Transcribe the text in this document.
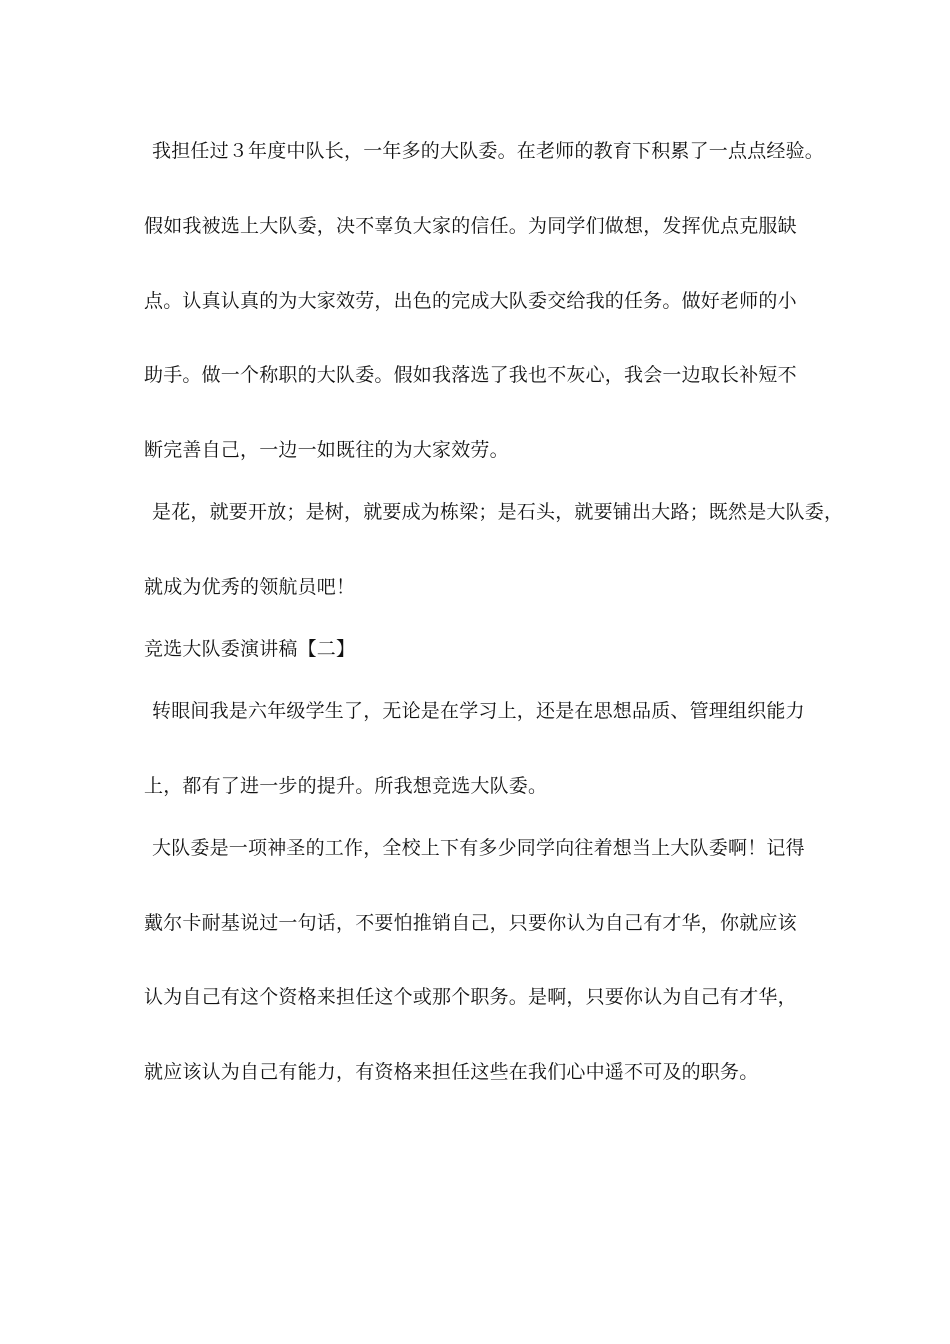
我担任过３年度中队长，一年多的大队委。在老师的教育下积累了一点点经验。
假如我被选上大队委，决不辜负大家的信任。为同学们做想，发挥优点克服缺
点。认真认真的为大家效劳，出色的完成大队委交给我的任务。做好老师的小
助手。做一个称职的大队委。假如我落选了我也不灰心，我会一边取长补短不
断完善自己，一边一如既往的为大家效劳。
是花，就要开放；是树，就要成为栋梁；是石头，就要铺出大路；既然是大队委，
就成为优秀的领航员吧！
竞选大队委演讲稿【二】
转眼间我是六年级学生了，无论是在学习上，还是在思想品质、管理组织能力
上，都有了进一步的提升。所我想竞选大队委。
大队委是一项神圣的工作，全校上下有多少同学向往着想当上大队委啊！记得
戴尔卡耐基说过一句话，不要怕推销自己，只要你认为自己有才华，你就应该
认为自己有这个资格来担任这个或那个职务。是啊，只要你认为自己有才华，
就应该认为自己有能力，有资格来担任这些在我们心中遥不可及的职务。
